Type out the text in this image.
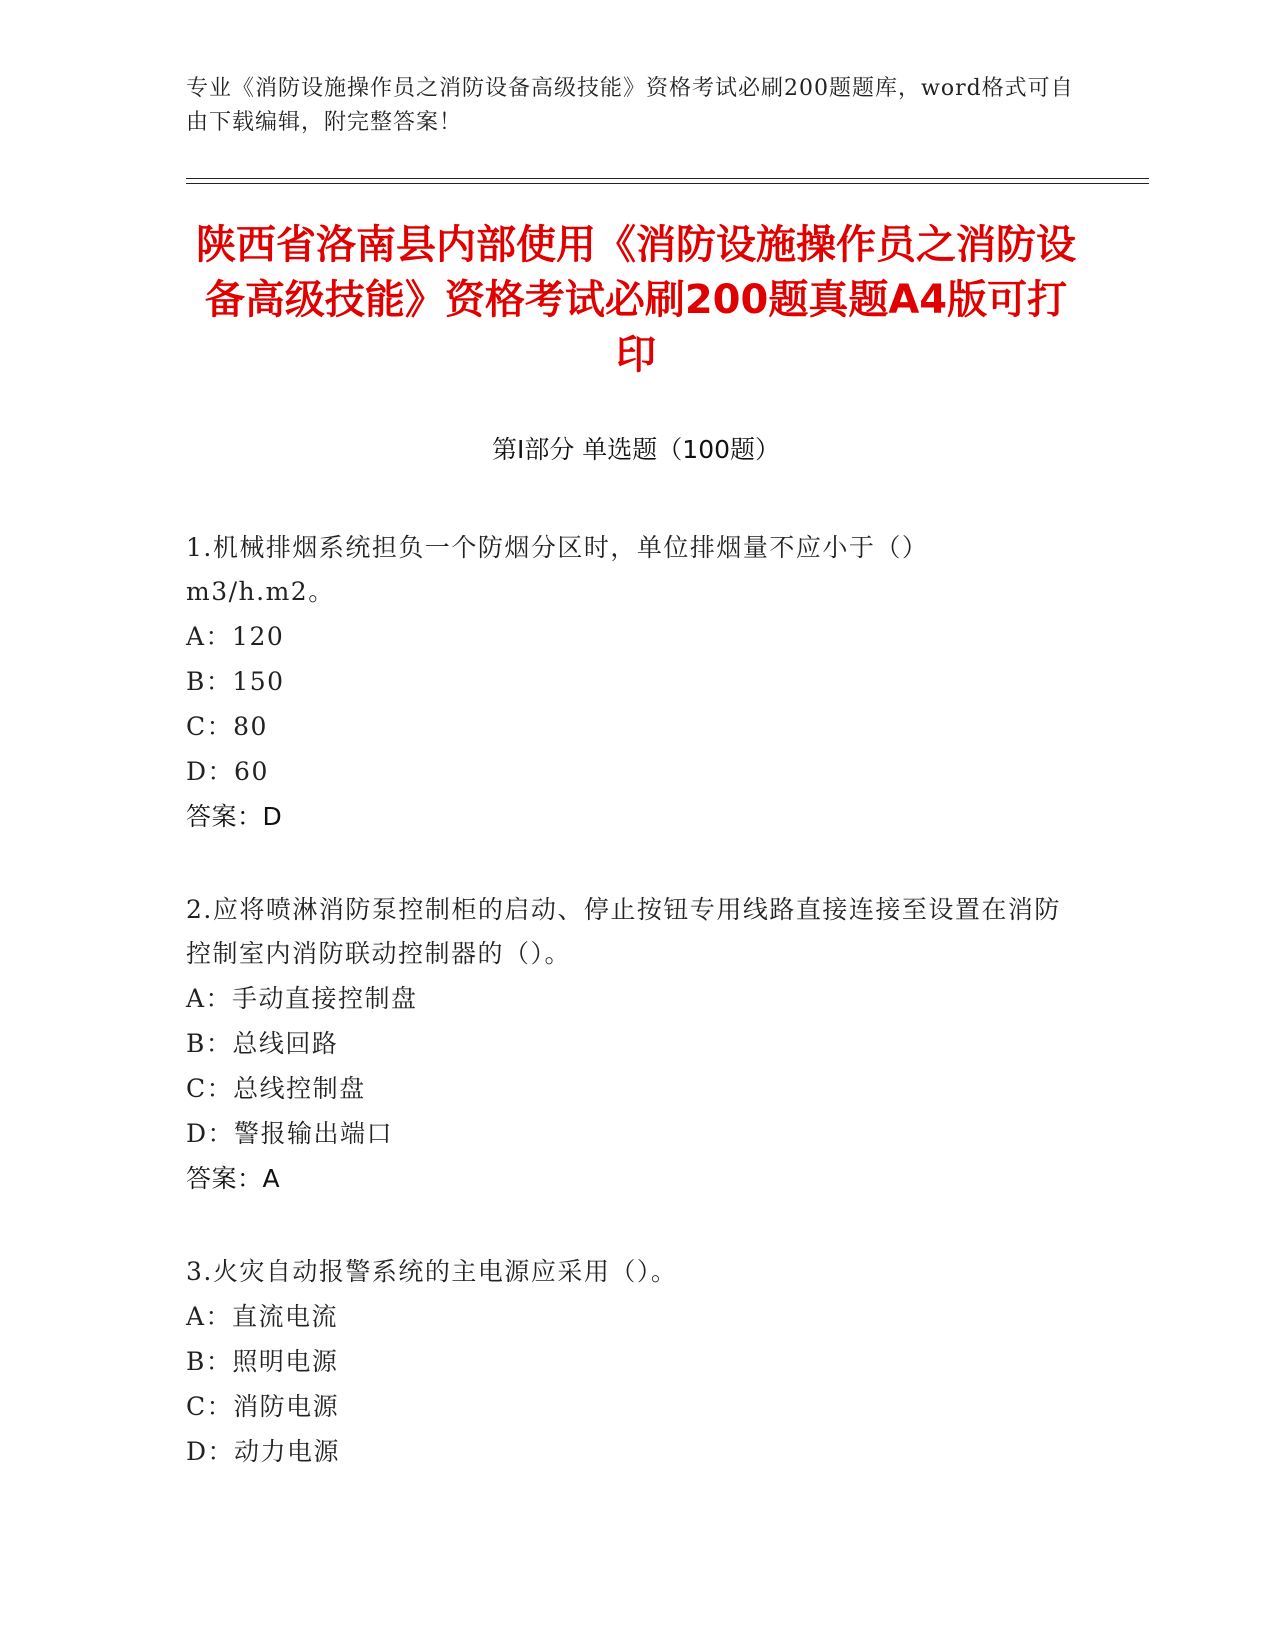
专业《消防设施操作员之消防设备高级技能》资格考试必刷200题题库，word格式可自由下载编辑，附完整答案！
陕西省洛南县内部使用《消防设施操作员之消防设备高级技能》资格考试必刷200题真题A4版可打印
第Ⅰ部分 单选题（100题）

1.机械排烟系统担负一个防烟分区时，单位排烟量不应小于（）m3/h.m2。

A：120

B：150

C：80

D：60

答案：D

2.应将喷淋消防泵控制柜的启动、停止按钮专用线路直接连接至设置在消防控制室内消防联动控制器的（）。

A：手动直接控制盘

B：总线回路

C：总线控制盘

D：警报输出端口

答案：A

3.火灾自动报警系统的主电源应采用（）。

A：直流电流

B：照明电源

C：消防电源

D：动力电源
